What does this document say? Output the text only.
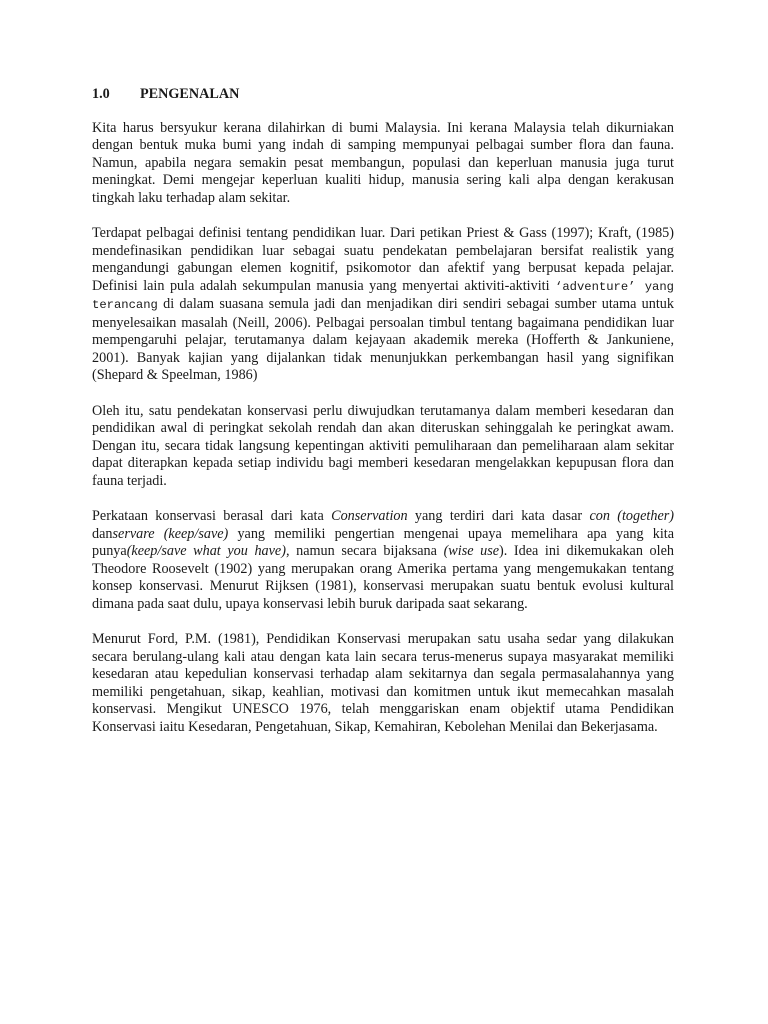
1.0	PENGENALAN

Kita harus bersyukur kerana dilahirkan di bumi Malaysia. Ini kerana Malaysia telah dikurniakan dengan bentuk muka bumi yang indah di samping mempunyai pelbagai sumber flora dan fauna. Namun, apabila negara semakin pesat membangun, populasi dan keperluan manusia juga turut meningkat. Demi mengejar keperluan kualiti hidup, manusia sering kali alpa dengan kerakusan tingkah laku terhadap alam sekitar.

Terdapat pelbagai definisi tentang pendidikan luar. Dari petikan Priest & Gass (1997); Kraft, (1985) mendefinasikan pendidikan luar sebagai suatu pendekatan pembelajaran bersifat realistik yang mengandungi gabungan elemen kognitif, psikomotor dan afektif yang berpusat kepada pelajar. Definisi lain pula adalah sekumpulan manusia yang menyertai aktiviti-aktiviti ‘adventure’ yang terancang di dalam suasana semula jadi dan menjadikan diri sendiri sebagai sumber utama untuk menyelesaikan masalah (Neill, 2006). Pelbagai persoalan timbul tentang bagaimana pendidikan luar mempengaruhi pelajar, terutamanya dalam kejayaan akademik mereka (Hofferth & Jankuniene, 2001). Banyak kajian yang dijalankan tidak menunjukkan perkembangan hasil yang signifikan (Shepard & Speelman, 1986)

Oleh itu, satu pendekatan konservasi perlu diwujudkan terutamanya dalam memberi kesedaran dan pendidikan awal di peringkat sekolah rendah dan akan diteruskan sehinggalah ke peringkat awam. Dengan itu, secara tidak langsung kepentingan aktiviti pemuliharaan dan pemeliharaan alam sekitar dapat diterapkan kepada setiap individu bagi memberi kesedaran mengelakkan kepupusan flora dan fauna terjadi.

Perkataan konservasi berasal dari kata Conservation yang terdiri dari kata dasar con (together) danservare (keep/save) yang memiliki pengertian mengenai upaya memelihara apa yang kita punya(keep/save what you have), namun secara bijaksana (wise use). Idea ini dikemukakan oleh Theodore Roosevelt (1902) yang merupakan orang Amerika pertama yang mengemukakan tentang konsep konservasi. Menurut Rijksen (1981), konservasi merupakan suatu bentuk evolusi kultural dimana pada saat dulu, upaya konservasi lebih buruk daripada saat sekarang.

Menurut Ford, P.M. (1981), Pendidikan Konservasi merupakan satu usaha sedar yang dilakukan secara berulang-ulang kali atau dengan kata lain secara terus-menerus supaya masyarakat memiliki kesedaran atau kepedulian konservasi terhadap alam sekitarnya dan segala permasalahannya yang memiliki pengetahuan, sikap, keahlian, motivasi dan komitmen untuk ikut memecahkan masalah konservasi. Mengikut UNESCO 1976, telah menggariskan enam objektif utama Pendidikan Konservasi iaitu Kesedaran, Pengetahuan, Sikap, Kemahiran, Kebolehan Menilai dan Bekerjasama.
